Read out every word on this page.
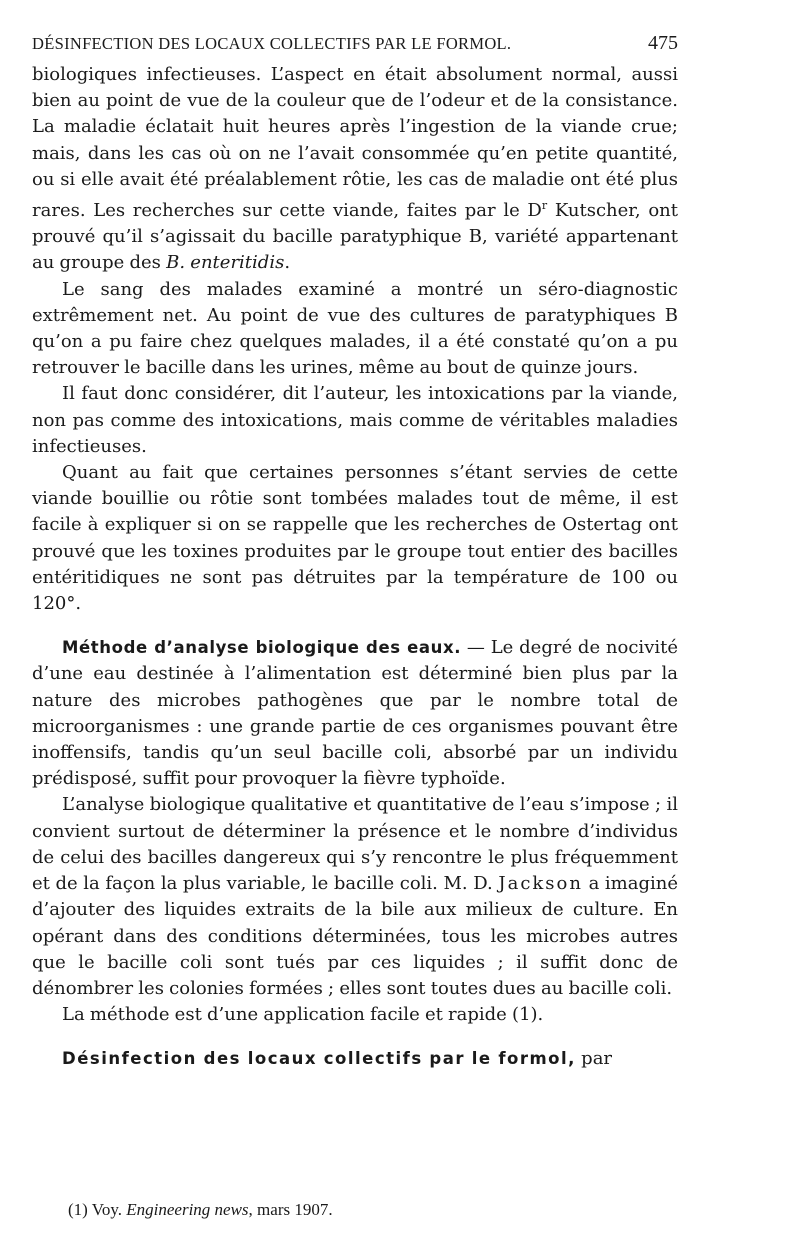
DÉSINFECTION DES LOCAUX COLLECTIFS PAR LE FORMOL.	475

biologiques infectieuses. L’aspect en était absolument normal, aussi bien au point de vue de la couleur que de l’odeur et de la consistance. La maladie éclatait huit heures après l’ingestion de la viande crue; mais, dans les cas où on ne l’avait consommée qu’en petite quantité, ou si elle avait été préalablement rôtie, les cas de maladie ont été plus rares. Les recherches sur cette viande, faites par le $D^r$ Kutscher, ont prouvé qu’il s’agissait du bacille paratyphique B, variété appartenant au groupe des B. enteritidis.

Le sang des malades examiné a montré un séro-diagnostic extrêmement net. Au point de vue des cultures de paratyphiques B qu’on a pu faire chez quelques malades, il a été constaté qu’on a pu retrouver le bacille dans les urines, même au bout de quinze jours.

Il faut donc considérer, dit l’auteur, les intoxications par la viande, non pas comme des intoxications, mais comme de véritables maladies infectieuses.

Quant au fait que certaines personnes s’étant servies de cette viande bouillie ou rôtie sont tombées malades tout de même, il est facile à expliquer si on se rappelle que les recherches de Ostertag ont prouvé que les toxines produites par le groupe tout entier des bacilles entéritidiques ne sont pas détruites par la température de 100 ou 120°.

Méthode d’analyse biologique des eaux. — Le degré de nocivité d’une eau destinée à l’alimentation est déterminé bien plus par la nature des microbes pathogènes que par le nombre total de microorganismes : une grande partie de ces organismes pouvant être inoffensifs, tandis qu’un seul bacille coli, absorbé par un individu prédisposé, suffit pour provoquer la fièvre typhoïde.

L’analyse biologique qualitative et quantitative de l’eau s’impose ; il convient surtout de déterminer la présence et le nombre d’individus de celui des bacilles dangereux qui s’y rencontre le plus fréquemment et de la façon la plus variable, le bacille coli. M. D. Jackson a imaginé d’ajouter des liquides extraits de la bile aux milieux de culture. En opérant dans des conditions déterminées, tous les microbes autres que le bacille coli sont tués par ces liquides ; il suffit donc de dénombrer les colonies formées ; elles sont toutes dues au bacille coli.

La méthode est d’une application facile et rapide (1).

Désinfection des locaux collectifs par le formol, par

(1) Voy. Engineering news, mars 1907.
